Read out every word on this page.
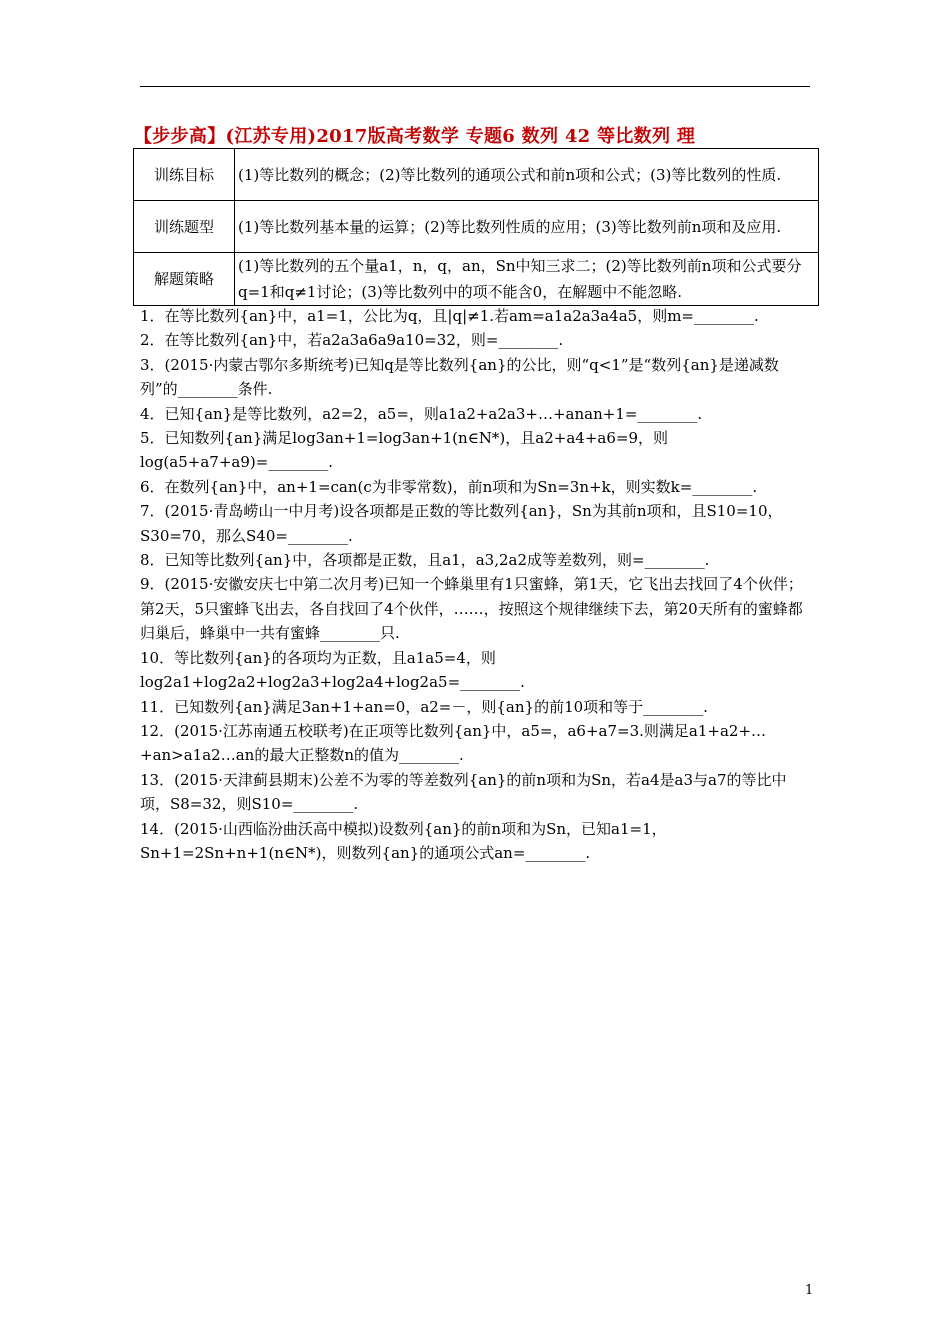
【步步高】(江苏专用)2017版高考数学 专题6 数列 42 等比数列 理
训练目标	(1)等比数列的概念；(2)等比数列的通项公式和前n项和公式；(3)等比数列的性质.
训练题型	(1)等比数列基本量的运算；(2)等比数列性质的应用；(3)等比数列前n项和及应用.
解题策略	(1)等比数列的五个量a1，n，q，an，Sn中知三求二；(2)等比数列前n项和公式要分q=1和q≠1讨论；(3)等比数列中的项不能含0，在解题中不能忽略.

1．在等比数列{an}中，a1=1，公比为q，且|q|≠1.若am=a1a2a3a4a5，则m=________.

2．在等比数列{an}中，若a2a3a6a9a10=32，则=________.

3．(2015·内蒙古鄂尔多斯统考)已知q是等比数列{an}的公比，则“q<1”是“数列{an}是递减数列”的________条件.

4．已知{an}是等比数列，a2=2，a5=，则a1a2+a2a3+…+anan+1=________.

5．已知数列{an}满足log3an+1=log3an+1(n∈N*)，且a2+a4+a6=9，则log(a5+a7+a9)=________.

6．在数列{an}中，an+1=can(c为非零常数)，前n项和为Sn=3n+k，则实数k=________.

7．(2015·青岛崂山一中月考)设各项都是正数的等比数列{an}，Sn为其前n项和，且S10=10，S30=70，那么S40=________.

8．已知等比数列{an}中，各项都是正数，且a1，a3,2a2成等差数列，则=________.

9．(2015·安徽安庆七中第二次月考)已知一个蜂巢里有1只蜜蜂，第1天，它飞出去找回了4个伙伴；第2天，5只蜜蜂飞出去，各自找回了4个伙伴，……，按照这个规律继续下去，第20天所有的蜜蜂都归巢后，蜂巢中一共有蜜蜂________只.

10．等比数列{an}的各项均为正数，且a1a5=4，则log2a1+log2a2+log2a3+log2a4+log2a5=________.

11．已知数列{an}满足3an+1+an=0，a2=－，则{an}的前10项和等于________.

12．(2015·江苏南通五校联考)在正项等比数列{an}中，a5=，a6+a7=3.则满足a1+a2+…+an>a1a2…an的最大正整数n的值为________.

13．(2015·天津蓟县期末)公差不为零的等差数列{an}的前n项和为Sn，若a4是a3与a7的等比中项，S8=32，则S10=________.

14．(2015·山西临汾曲沃高中模拟)设数列{an}的前n项和为Sn，已知a1=1，Sn+1=2Sn+n+1(n∈N*)，则数列{an}的通项公式an=________.

1
